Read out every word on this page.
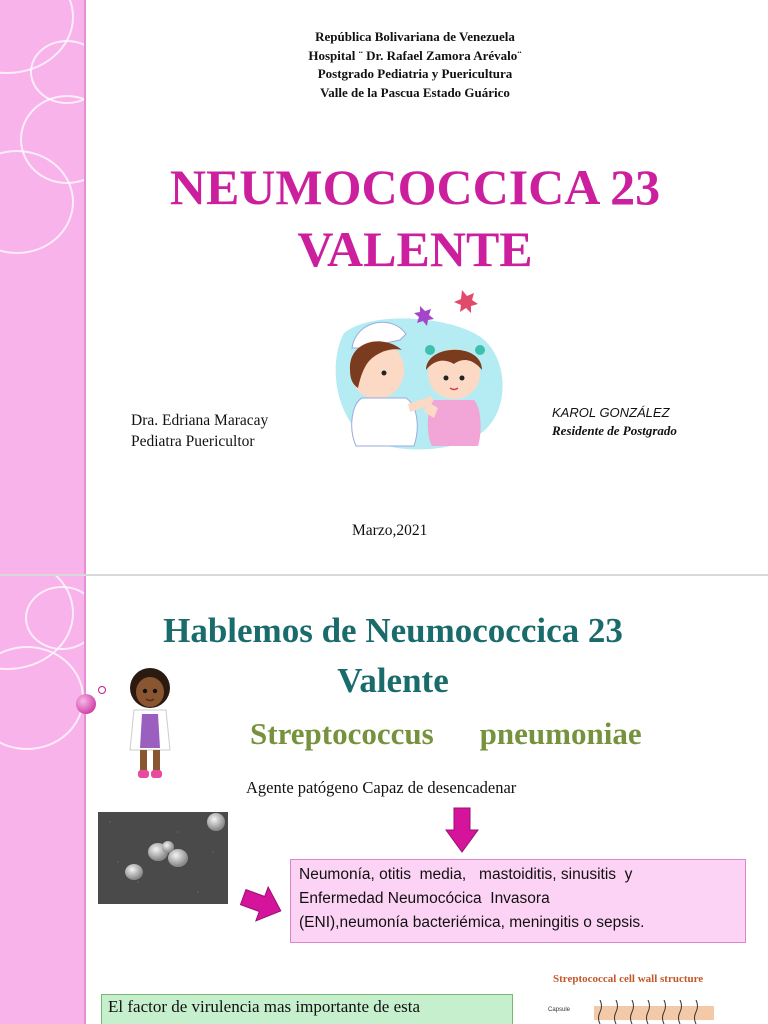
República Bolivariana de Venezuela
Hospital ¨ Dr. Rafael Zamora Arévalo¨
Postgrado Pediatria y Puericultura
Valle de la Pascua Estado Guárico
NEUMOCOCCICA 23
VALENTE
Dra. Edriana Maracay
Pediatra Puericultor
KAROL GONZÁLEZ
Residente de Postgrado
Marzo,2021
Hablemos de Neumococcica 23
Valente
Streptococcus pneumoniae
Agente patógeno Capaz de desencadenar
Neumonía, otitis  media,   mastoiditis, sinusitis  y
Enfermedad Neumocócica  Invasora
(ENI),neumonía bacteriémica, meningitis o sepsis.
Streptococcal cell wall structure
Capsule
El factor de virulencia mas importante de esta
